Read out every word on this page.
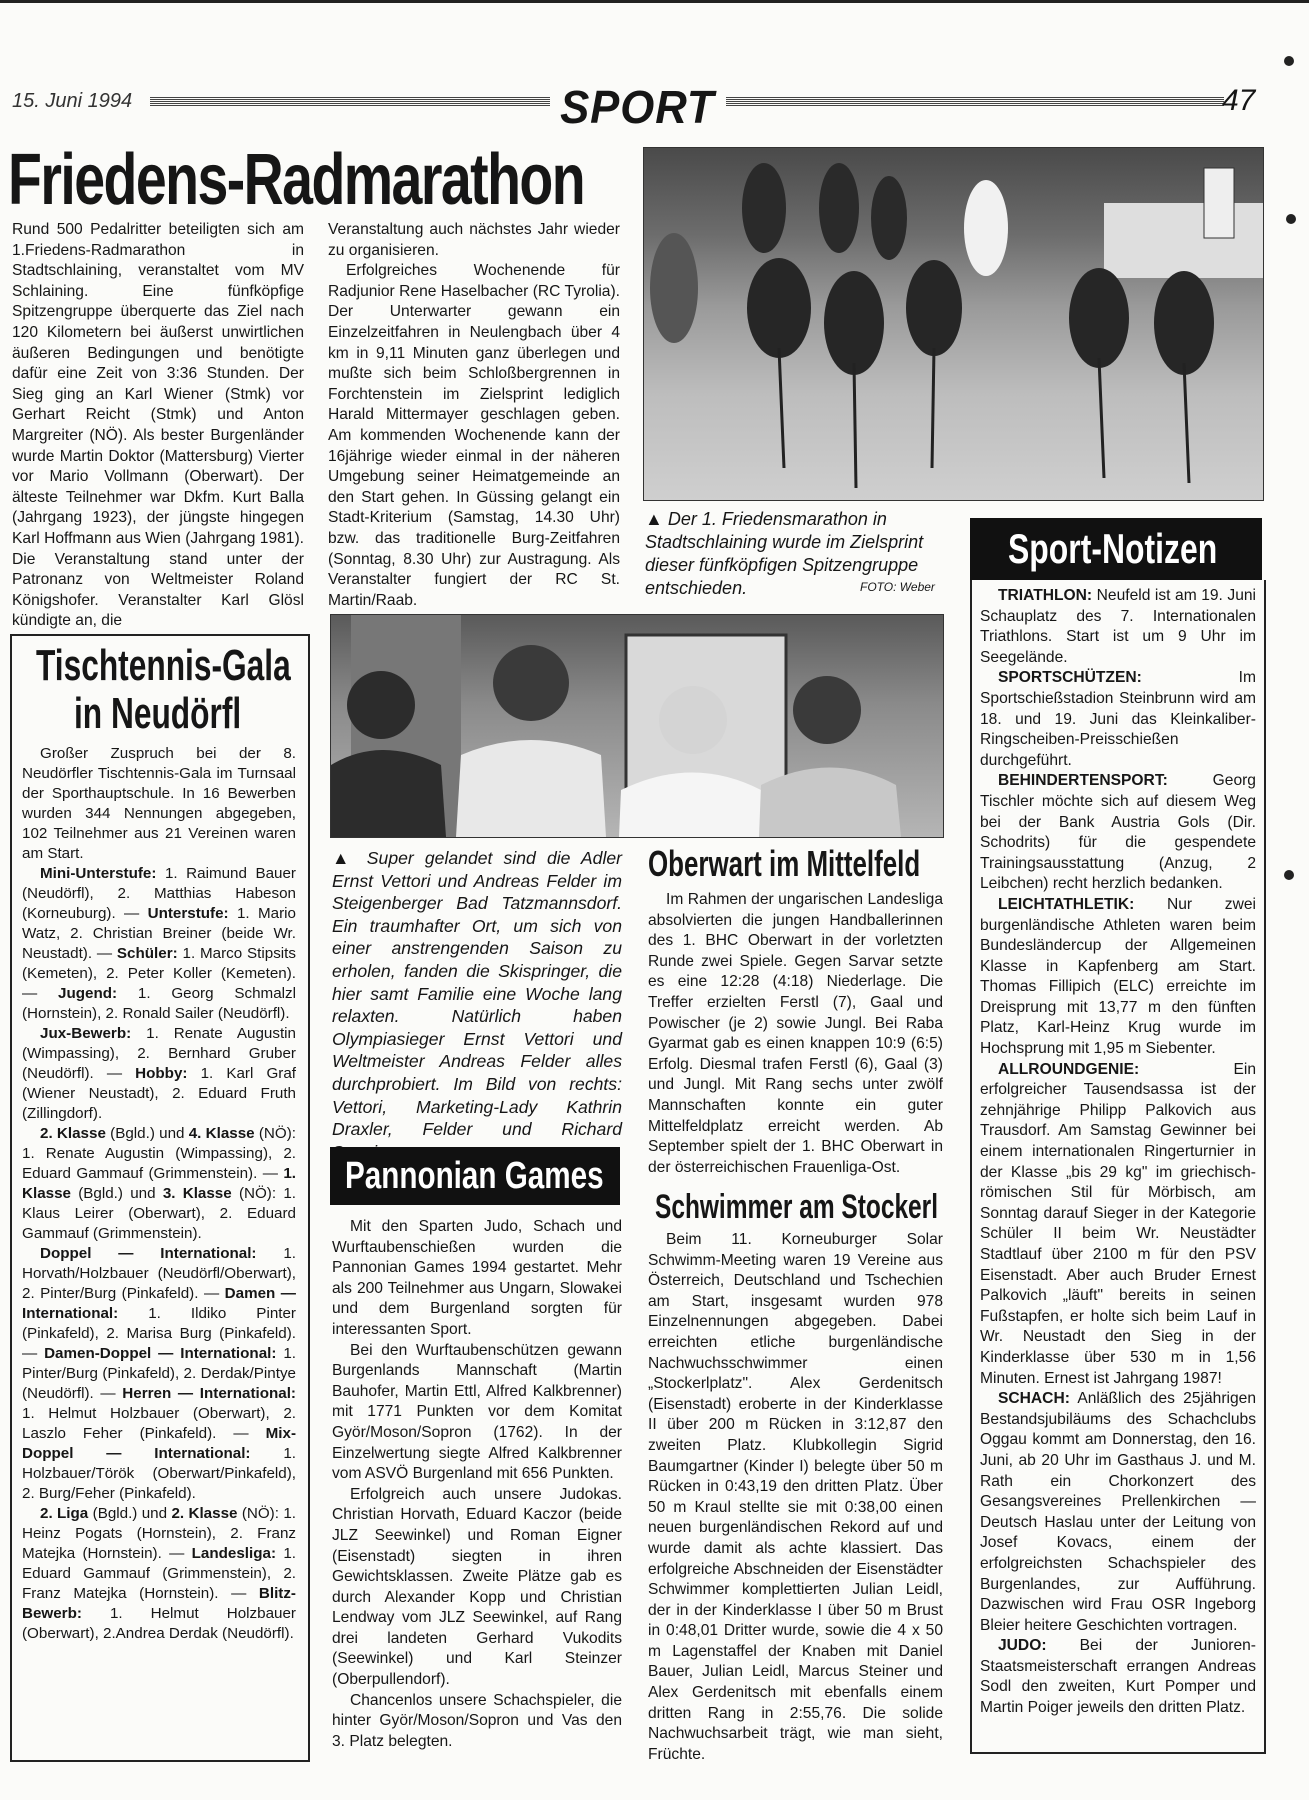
15. Juni 1994	SPORT	47
Friedens-Radmarathon

Rund 500 Pedalritter beteiligten sich am 1.Friedens-Radmarathon in Stadtschlaining, veranstaltet vom MV Schlaining. Eine fünfköpfige Spitzengruppe überquerte das Ziel nach 120 Kilometern bei äußerst unwirtlichen äußeren Bedingungen und benötigte dafür eine Zeit von 3:36 Stunden. Der Sieg ging an Karl Wiener (Stmk) vor Gerhart Reicht (Stmk) und Anton Margreiter (NÖ). Als bester Burgenländer wurde Martin Doktor (Mattersburg) Vierter vor Mario Vollmann (Oberwart). Der älteste Teilnehmer war Dkfm. Kurt Balla (Jahrgang 1923), der jüngste hingegen Karl Hoffmann aus Wien (Jahrgang 1981). Die Veranstaltung stand unter der Patronanz von Weltmeister Roland Königshofer. Veranstalter Karl Glösl kündigte an, die

Veranstaltung auch nächstes Jahr wieder zu organisieren.

Erfolgreiches Wochenende für Radjunior Rene Haselbacher (RC Tyrolia). Der Unterwarter gewann ein Einzelzeitfahren in Neulengbach über 4 km in 9,11 Minuten ganz überlegen und mußte sich beim Schloßbergrennen in Forchtenstein im Zielsprint lediglich Harald Mittermayer geschlagen geben. Am kommenden Wochenende kann der 16jährige wieder einmal in der näheren Umgebung seiner Heimatgemeinde an den Start gehen. In Güssing gelangt ein Stadt-Kriterium (Samstag, 14.30 Uhr) bzw. das traditionelle Burg-Zeitfahren (Sonntag, 8.30 Uhr) zur Austragung. Als Veranstalter fungiert der RC St. Martin/Raab.

▲ Der 1. Friedensmarathon in Stadtschlaining wurde im Zielsprint dieser fünfköpfigen Spitzengruppe entschieden.	FOTO: Weber
Tischtennis-Gala
in Neudörfl

Großer Zuspruch bei der 8. Neudörfler Tischtennis-Gala im Turnsaal der Sporthauptschule. In 16 Bewerben wurden 344 Nennungen abgegeben, 102 Teilnehmer aus 21 Vereinen waren am Start.

Mini-Unterstufe: 1. Raimund Bauer (Neudörfl), 2. Matthias Habeson (Korneuburg). — Unterstufe: 1. Mario Watz, 2. Christian Breiner (beide Wr. Neustadt). — Schüler: 1. Marco Stipsits (Kemeten), 2. Peter Koller (Kemeten). — Jugend: 1. Georg Schmalzl (Hornstein), 2. Ronald Sailer (Neudörfl).

Jux-Bewerb: 1. Renate Augustin (Wimpassing), 2. Bernhard Gruber (Neudörfl). — Hobby: 1. Karl Graf (Wiener Neustadt), 2. Eduard Fruth (Zillingdorf).

2. Klasse (Bgld.) und 4. Klasse (NÖ): 1. Renate Augustin (Wimpassing), 2. Eduard Gammauf (Grimmenstein). — 1. Klasse (Bgld.) und 3. Klasse (NÖ): 1. Klaus Leirer (Oberwart), 2. Eduard Gammauf (Grimmenstein).

Doppel — International: 1. Horvath/Holzbauer (Neudörfl/Oberwart), 2. Pinter/Burg (Pinkafeld). — Damen — International: 1. Ildiko Pinter (Pinkafeld), 2. Marisa Burg (Pinkafeld).— Damen-Doppel — International: 1. Pinter/Burg (Pinkafeld), 2. Derdak/Pintye (Neudörfl). — Herren — International: 1. Helmut Holzbauer (Oberwart), 2. Laszlo Feher (Pinkafeld). — Mix-Doppel — International: 1. Holzbauer/Török (Oberwart/Pinkafeld), 2. Burg/Feher (Pinkafeld).

2. Liga (Bgld.) und 2. Klasse (NÖ): 1. Heinz Pogats (Hornstein), 2. Franz Matejka (Hornstein). — Landesliga: 1. Eduard Gammauf (Grimmenstein), 2. Franz Matejka (Hornstein). — Blitz-Bewerb: 1. Helmut Holzbauer (Oberwart), 2.Andrea Derdak (Neudörfl).

▲ Super gelandet sind die Adler Ernst Vettori und Andreas Felder im Steigenberger Bad Tatzmannsdorf. Ein traumhafter Ort, um sich von einer anstrengenden Saison zu erholen, fanden die Skispringer, die hier samt Familie eine Woche lang relaxten. Natürlich haben Olympiasieger Ernst Vettori und Weltmeister Andreas Felder alles durchprobiert. Im Bild von rechts: Vettori, Marketing-Lady Kathrin Draxler, Felder und Richard
Pannonian Games

Mit den Sparten Judo, Schach und Wurftaubenschießen wurden die Pannonian Games 1994 gestartet. Mehr als 200 Teilnehmer aus Ungarn, Slowakei und dem Burgenland sorgten für interessanten Sport.

Bei den Wurftaubenschützen gewann Burgenlands Mannschaft (Martin Bauhofer, Martin Ettl, Alfred Kalkbrenner) mit 1771 Punkten vor dem Komitat Györ/Moson/Sopron (1762). In der Einzelwertung siegte Alfred Kalkbrenner vom ASVÖ Burgenland mit 656 Punkten.

Erfolgreich auch unsere Judokas. Christian Horvath, Eduard Kaczor (beide JLZ Seewinkel) und Roman Eigner (Eisenstadt) siegten in ihren Gewichtsklassen. Zweite Plätze gab es durch Alexander Kopp und Christian Lendway vom JLZ Seewinkel, auf Rang drei landeten Gerhard Vukodits (Seewinkel) und Karl Steinzer (Oberpullendorf).

Chancenlos unsere Schachspieler, die hinter Györ/Moson/Sopron und Vas den 3. Platz belegten.

Oberwart im Mittelfeld

Im Rahmen der ungarischen Landesliga absolvierten die jungen Handballerinnen des 1. BHC Oberwart in der vorletzten Runde zwei Spiele. Gegen Sarvar setzte es eine 12:28 (4:18) Niederlage. Die Treffer erzielten Ferstl (7), Gaal und Powischer (je 2) sowie Jungl. Bei Raba Gyarmat gab es einen knappen 10:9 (6:5) Erfolg. Diesmal trafen Ferstl (6), Gaal (3) und Jungl. Mit Rang sechs unter zwölf Mannschaften konnte ein guter Mittelfeldplatz erreicht werden. Ab September spielt der 1. BHC Oberwart in der österreichischen Frauenliga-Ost.

Schwimmer am Stockerl

Beim 11. Korneuburger Solar Schwimm-Meeting waren 19 Vereine aus Österreich, Deutschland und Tschechien am Start, insgesamt wurden 978 Einzelnennungen abgegeben. Dabei erreichten etliche burgenländische Nachwuchsschwimmer einen „Stockerlplatz". Alex Gerdenitsch (Eisenstadt) eroberte in der Kinderklasse II über 200 m Rücken in 3:12,87 den zweiten Platz. Klubkollegin Sigrid Baumgartner (Kinder I) belegte über 50 m Rücken in 0:43,19 den dritten Platz. Über 50 m Kraul stellte sie mit 0:38,00 einen neuen burgenländischen Rekord auf und wurde damit als achte klassiert. Das erfolgreiche Abschneiden der Eisenstädter Schwimmer komplettierten Julian Leidl, der in der Kinderklasse I über 50 m Brust in 0:48,01 Dritter wurde, sowie die 4 x 50 m Lagenstaffel der Knaben mit Daniel Bauer, Julian Leidl, Marcus Steiner und Alex Gerdenitsch mit ebenfalls einem dritten Rang in 2:55,76. Die solide Nachwuchsarbeit trägt, wie man sieht, Früchte.

Sport-Notizen

TRIATHLON: Neufeld ist am 19. Juni Schauplatz des 7. Internationalen Triathlons. Start ist um 9 Uhr im Seegelände.

SPORTSCHÜTZEN: Im Sportschießstadion Steinbrunn wird am 18. und 19. Juni das Kleinkaliber-Ringscheiben-Preisschießen durchgeführt.

BEHINDERTENSPORT: Georg Tischler möchte sich auf diesem Weg bei der Bank Austria Gols (Dir. Schodrits) für die gespendete Trainingsausstattung (Anzug, 2 Leibchen) recht herzlich bedanken.

LEICHTATHLETIK: Nur zwei burgenländische Athleten waren beim Bundesländercup der Allgemeinen Klasse in Kapfenberg am Start. Thomas Fillipich (ELC) erreichte im Dreisprung mit 13,77 m den fünften Platz, Karl-Heinz Krug wurde im Hochsprung mit 1,95 m Siebenter.

ALLROUNDGENIE: Ein erfolgreicher Tausendsassa ist der zehnjährige Philipp Palkovich aus Trausdorf. Am Samstag Gewinner bei einem internationalen Ringerturnier in der Klasse „bis 29 kg" im griechisch-römischen Stil für Mörbisch, am Sonntag darauf Sieger in der Kategorie Schüler II beim Wr. Neustädter Stadtlauf über 2100 m für den PSV Eisenstadt. Aber auch Bruder Ernest Palkovich „läuft" bereits in seinen Fußstapfen, er holte sich beim Lauf in Wr. Neustadt den Sieg in der Kinderklasse über 530 m in 1,56 Minuten. Ernest ist Jahrgang 1987!

SCHACH: Anläßlich des 25jährigen Bestandsjubiläums des Schachclubs Oggau kommt am Donnerstag, den 16. Juni, ab 20 Uhr im Gasthaus J. und M. Rath ein Chorkonzert des Gesangsvereines Prellenkirchen — Deutsch Haslau unter der Leitung von Josef Kovacs, einem der erfolgreichsten Schachspieler des Burgenlandes, zur Aufführung. Dazwischen wird Frau OSR Ingeborg Bleier heitere Geschichten vortragen.

JUDO: Bei der Junioren-Staatsmeisterschaft errangen Andreas Sodl den zweiten, Kurt Pomper und Martin Poiger jeweils den dritten Platz.
